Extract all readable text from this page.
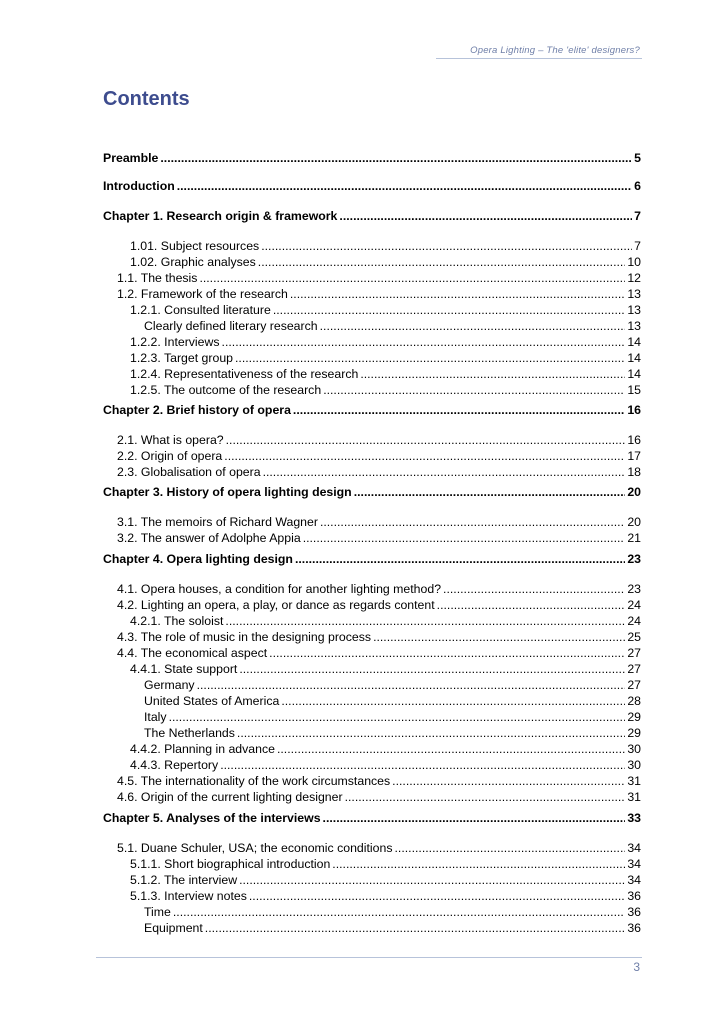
Opera Lighting – The 'elite' designers?
Contents
Preamble .....	5
Introduction .....	6
Chapter 1. Research origin & framework .....	7
1.01. Subject resources .....	7
1.02. Graphic analyses .....	10
1.1. The thesis .....	12
1.2. Framework of the research .....	13
1.2.1. Consulted literature .....	13
Clearly defined literary research .....	13
1.2.2. Interviews .....	14
1.2.3. Target group .....	14
1.2.4. Representativeness of the research .....	14
1.2.5. The outcome of the research .....	15
Chapter 2. Brief history of opera .....	16
2.1. What is opera? .....	16
2.2. Origin of opera .....	17
2.3. Globalisation of opera .....	18
Chapter 3. History of opera lighting design .....	20
3.1. The memoirs of Richard Wagner .....	20
3.2. The answer of Adolphe Appia .....	21
Chapter 4. Opera lighting design .....	23
4.1. Opera houses, a condition for another lighting method? .....	23
4.2. Lighting an opera, a play, or dance as regards content .....	24
4.2.1. The soloist .....	24
4.3. The role of music in the designing process .....	25
4.4. The economical aspect .....	27
4.4.1. State support .....	27
Germany .....	27
United States of America .....	28
Italy .....	29
The Netherlands .....	29
4.4.2. Planning in advance .....	30
4.4.3. Repertory .....	30
4.5. The internationality of the work circumstances .....	31
4.6. Origin of the current lighting designer .....	31
Chapter 5. Analyses of the interviews .....	33
5.1. Duane Schuler, USA; the economic conditions .....	34
5.1.1. Short biographical introduction .....	34
5.1.2. The interview .....	34
5.1.3. Interview notes .....	36
Time .....	36
Equipment .....	36
3
